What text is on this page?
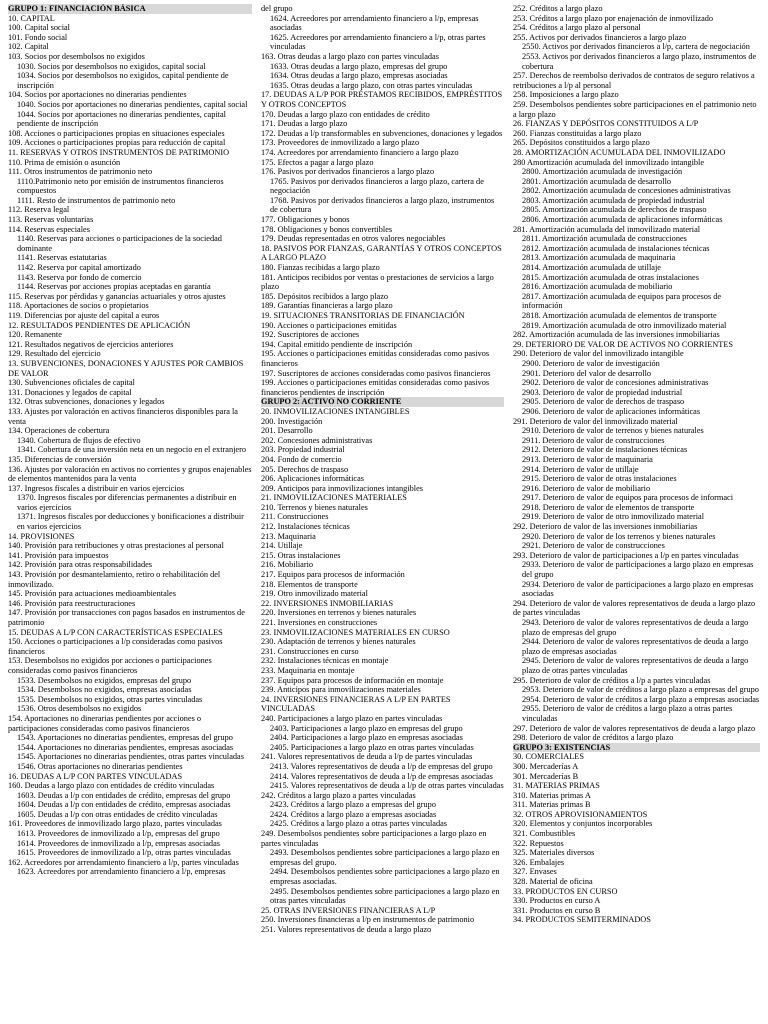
GRUPO 1: FINANCIACIÓN BÁSICA

10. CAPITAL

100. Capital social

101. Fondo social

102. Capital

103. Socios por desembolsos no exigidos

1030. Socios por desembolsos no exigidos, capital social

1034. Socios por desembolsos no exigidos, capital pendiente de inscripción

104. Socios por aportaciones no dinerarias pendientes

1040. Socios por aportaciones no dinerarias pendientes, capital social

1044. Socios por aportaciones no dinerarias pendientes, capital pendiente de inscripción

108. Acciones o participaciones propias en situaciones especiales

109. Acciones o participaciones propias para reducción de capital

11. RESERVAS Y OTROS INSTRUMENTOS DE PATRIMONIO

110. Prima de emisión o asunción

111. Otros instrumentos de patrimonio neto

1110.Patrimonio neto por emisión de instrumentos financieros compuestos

1111. Resto de instrumentos de patrimonio neto

112. Reserva legal

113. Reservas voluntarias

114. Reservas especiales

1140. Reservas para acciones o participaciones de la sociedad dominante

1141. Reservas estatutarias

1142. Reserva por capital amortizado

1143. Reserva por fondo de comercio

1144. Reservas por acciones propias aceptadas en garantía

115. Reservas por pérdidas y ganancias actuariales y otros ajustes

118. Aportaciones de socios o propietarios

119. Diferencias por ajuste del capital a euros

12. RESULTADOS PENDIENTES DE APLICACIÓN

120. Remanente

121. Resultados negativos de ejercicios anteriores

129. Resultado del ejercicio

13. SUBVENCIONES, DONACIONES Y AJUSTES POR CAMBIOS DE VALOR

130. Subvenciones oficiales de capital

131. Donaciones y legados de capital

132. Otras subvenciones, donaciones y legados

133. Ajustes por valoración en activos financieros disponibles para la venta

134. Operaciones de cobertura

1340. Cobertura de flujos de efectivo

1341. Cobertura de una inversión neta en un negocio en el extranjero

135. Diferencias de conversión

136. Ajustes por valoración en activos no corrientes y grupos enajenables de elementos mantenidos para la venta

137. Ingresos fiscales a distribuir en varios ejercicios

1370. Ingresos fiscales por diferencias permanentes a distribuir en varios ejercicios

1371. Ingresos fiscales por deducciones y bonificaciones a distribuir en varios ejercicios

14. PROVISIONES

140. Provisión para retribuciones y otras prestaciones al personal

141. Provisión para impuestos

142. Provisión para otras responsabilidades

143. Provisión por desmantelamiento, retiro o rehabilitación del inmovilizado.

145. Provisión para actuaciones medioambientales

146. Provisión para reestructuraciones

147. Provisión por transacciones con pagos basados en instrumentos de patrimonio

15. DEUDAS A L/P CON CARACTERÍSTICAS ESPECIALES

150. Acciones o participaciones a l/p consideradas como pasivos financieros

153. Desembolsos no exigidos por acciones o participaciones consideradas como pasivos financieros

1533. Desembolsos no exigidos, empresas del grupo

1534. Desembolsos no exigidos, empresas asociadas

1535. Desembolsos no exigidos, otras partes vinculadas

1536. Otros desembolsos no exigidos

154. Aportaciones no dinerarias pendientes por acciones o participaciones consideradas como pasivos financieros

1543. Aportaciones no dinerarias pendientes, empresas del grupo

1544. Aportaciones no dinerarias pendientes, empresas asociadas

1545. Aportaciones no dinerarias pendientes, otras partes vinculadas

1546. Otras aportaciones no dinerarias pendientes

16. DEUDAS A L/P CON PARTES VINCULADAS

160. Deudas a largo plazo con entidades de crédito vinculadas

1603. Deudas a l/p con entidades de crédito, empresas del grupo

1604. Deudas a l/p con entidades de crédito, empresas asociadas

1605. Deudas a l/p con otras entidades de crédito vinculadas

161. Proveedores de inmovilizado largo plazo, partes vinculadas

1613. Proveedores de inmovilizado a l/p, empresas del grupo

1614. Proveedores de inmovilizado a l/p, empresas asociadas

1615. Proveedores de inmovilizado a l/p, otras partes vinculadas

162. Acreedores por arrendamiento financiero a l/p, partes vinculadas

1623. Acreedores por arrendamiento financiero a l/p, empresas

del grupo

1624. Acreedores por arrendamiento financiero a l/p, empresas asociadas

1625. Acreedores por arrendamiento financiero a l/p, otras partes vinculadas

163. Otras deudas a largo plazo con partes vinculadas

1633. Otras deudas a largo plazo, empresas del grupo

1634. Otras deudas a largo plazo, empresas asociadas

1635. Otras deudas a largo plazo, con otras partes vinculadas

17. DEUDAS A L/P POR PRÉSTAMOS RECIBIDOS, EMPRÉSTITOS Y OTROS CONCEPTOS

170. Deudas a largo plazo con entidades de crédito

171. Deudas a largo plazo

172. Deudas a l/p transformables en subvenciones, donaciones y legados

173. Proveedores de inmovilizado a largo plazo

174. Acreedores por arrendamiento financiero a largo plazo

175. Efectos a pagar a largo plazo

176. Pasivos por derivados financieros a largo plazo

1765. Pasivos por derivados financieros a largo plazo, cartera de negociación

1768. Pasivos por derivados financieros a largo plazo, instrumentos de cobertura

177. Obligaciones y bonos

178. Obligaciones y bonos convertibles

179. Deudas representadas en otros valores negociables

18. PASIVOS POR FIANZAS, GARANTÍAS Y OTROS CONCEPTOS A LARGO PLAZO

180. Fianzas recibidas a largo plazo

181. Anticipos recibidos por ventas o prestaciones de servicios a largo plazo

185. Depósitos recibidos a largo plazo

189. Garantías financieras a largo plazo

19. SITUACIONES TRANSITORIAS DE FINANCIACIÓN

190. Acciones o participaciones emitidas

192. Suscriptores de acciones

194. Capital emitido pendiente de inscripción

195. Acciones o participaciones emitidas consideradas como pasivos financieros

197. Suscriptores de acciones consideradas como pasivos financieros

199. Acciones o participaciones emitidas consideradas como pasivos financieros pendientes de inscripción

GRUPO 2: ACTIVO NO CORRIENTE

20. INMOVILIZACIONES INTANGIBLES

200. Investigación

201. Desarrollo

202. Concesiones administrativas

203. Propiedad industrial

204. Fondo de comercio

205. Derechos de traspaso

206. Aplicaciones informáticas

209. Anticipos para inmovilizaciones intangibles

21. INMOVILIZACIONES MATERIALES

210. Terrenos y bienes naturales

211. Construcciones

212. Instalaciones técnicas

213. Maquinaria

214. Utillaje

215. Otras instalaciones

216. Mobiliario

217. Equipos para procesos de información

218. Elementos de transporte

219. Otro inmovilizado material

22. INVERSIONES INMOBILIARIAS

220. Inversiones en terrenos y bienes naturales

221. Inversiones en construcciones

23. INMOVILIZACIONES MATERIALES EN CURSO

230. Adaptación de terrenos y bienes naturales

231. Construcciones en curso

232. Instalaciones técnicas en montaje

233. Maquinaria en montaje

237. Equipos para procesos de información en montaje

239. Anticipos para inmovilizaciones materiales

24. INVERSIONES FINANCIERAS A L/P EN PARTES VINCULADAS

240. Participaciones a largo plazo en partes vinculadas

2403. Participaciones a largo plazo en empresas del grupo

2404. Participaciones a largo plazo en empresas asociadas

2405. Participaciones a largo plazo en otras partes vinculadas

241. Valores representativos de deuda a l/p de partes vinculadas

2413. Valores representativos de deuda a l/p de empresas del grupo

2414. Valores representativos de deuda a l/p de empresas asociadas

2415. Valores representativos de deuda a l/p de otras partes vinculadas

242. Créditos a largo plazo a partes vinculadas

2423. Créditos a largo plazo a empresas del grupo

2424. Créditos a largo plazo a empresas asociadas

2425. Créditos a largo plazo a otras partes vinculadas

249. Desembolsos pendientes sobre participaciones a largo plazo en partes vinculadas

2493. Desembolsos pendientes sobre participaciones a largo plazo en empresas del grupo.

2494. Desembolsos pendientes sobre participaciones a largo plazo en empresas asociadas.

2495. Desembolsos pendientes sobre participaciones a largo plazo en otras partes vinculadas

25. OTRAS INVERSIONES FINANCIERAS A L/P

250. Inversiones financieras a l/p en instrumentos de patrimonio

251. Valores representativos de deuda a largo plazo

252. Créditos a largo plazo

253. Créditos a largo plazo por enajenación de inmovilizado

254. Créditos a largo plazo al personal

255. Activos por derivados financieros a largo plazo

2550. Activos por derivados financieros a l/p, cartera de negociación

2553. Activos por derivados financieros a largo plazo, instrumentos de cobertura

257. Derechos de reembolso derivados de contratos de seguro relativos a retribuciones a l/p al personal

258. Imposiciones a largo plazo

259. Desembolsos pendientes sobre participaciones en el patrimonio neto a largo plazo

26. FIANZAS Y DEPÓSITOS CONSTITUIDOS A L/P

260. Fianzas constituidas a largo plazo

265. Depósitos constituidos a largo plazo

28. AMORTIZACIÓN ACUMULADA DEL INMOVILIZADO

280 Amortización acumulada del inmovilizado intangible

2800. Amortización acumulada de investigación

2801. Amortización acumulada de desarrollo

2802. Amortización acumulada de concesiones administrativas

2803. Amortización acumulada de propiedad industrial

2805. Amortización acumulada de derechos de traspaso

2806. Amortización acumulada de aplicaciones informáticas

281. Amortización acumulada del inmovilizado material

2811. Amortización acumulada de construcciones

2812. Amortización acumulada de instalaciones técnicas

2813. Amortización acumulada de maquinaria

2814. Amortización acumulada de utillaje

2815. Amortización acumulada de otras instalaciones

2816. Amortización acumulada de mobiliario

2817. Amortización acumulada de equipos para procesos de información

2818. Amortización acumulada de elementos de transporte

2819. Amortización acumulada de otro inmovilizado material

282. Amortización acumulada de las inversiones inmobiliarias

29. DETERIORO DE VALOR DE ACTIVOS NO CORRIENTES

290. Deterioro de valor del inmovilizado intangible

2900. Deterioro de valor de investigación

2901. Deterioro del valor de desarrollo

2902. Deterioro de valor de concesiones administrativas

2903. Deterioro de valor de propiedad industrial

2905. Deterioro de valor de derechos de traspaso

2906. Deterioro de valor de aplicaciones informáticas

291. Deterioro de valor del inmovilizado material

2910. Deterioro de valor de terrenos y bienes naturales

2911. Deterioro de valor de construcciones

2912. Deterioro de valor de instalaciones técnicas

2913. Deterioro de valor de maquinaria

2914. Deterioro de valor de utillaje

2915. Deterioro de valor de otras instalaciones

2916. Deterioro de valor de mobiliario

2917. Deterioro de valor de equipos para procesos de informaci

2918. Deterioro de valor de elementos de transporte

2919. Deterioro de valor de otro inmovilizado material

292. Deterioro de valor de las inversiones inmobiliarias

2920. Deterioro de valor de los terrenos y bienes naturales

2921. Deterioro de valor de construcciones

293. Deterioro de valor de participaciones a l/p en partes vinculadas

2933. Deterioro de valor de participaciones a largo plazo en empresas del grupo

2934. Deterioro de valor de participaciones a largo plazo en empresas asociadas

294. Deterioro de valor de valores representativos de deuda a largo plazo de partes vinculadas

2943. Deterioro de valor de valores representativos de deuda a largo plazo de empresas del grupo

2944. Deterioro de valor de valores representativos de deuda a largo plazo de empresas asociadas

2945. Deterioro de valor de valores representativos de deuda a largo plazo de otras partes vinculadas

295. Deterioro de valor de créditos a l/p a partes vinculadas

2953. Deterioro de valor de créditos a largo plazo a empresas del grupo

2954. Deterioro de valor de créditos a largo plazo a empresas asociadas

2955. Deterioro de valor de créditos a largo plazo a otras partes vinculadas

297. Deterioro de valor de valores representativos de deuda a largo plazo

298. Deterioro de valor de créditos a largo plazo

GRUPO 3: EXISTENCIAS

30. COMERCIALES

300. Mercaderías A

301. Mercaderías B

31. MATERIAS PRIMAS

310. Materias primas A

311. Materias primas B

32. OTROS APROVISIONAMIENTOS

320. Elementos y conjuntos incorporables

321. Combustibles

322. Repuestos

325. Materiales diversos

326. Embalajes

327. Envases

328. Material de oficina

33. PRODUCTOS EN CURSO

330. Productos en curso A

331. Productos en curso B

34. PRODUCTOS SEMITERMINADOS
